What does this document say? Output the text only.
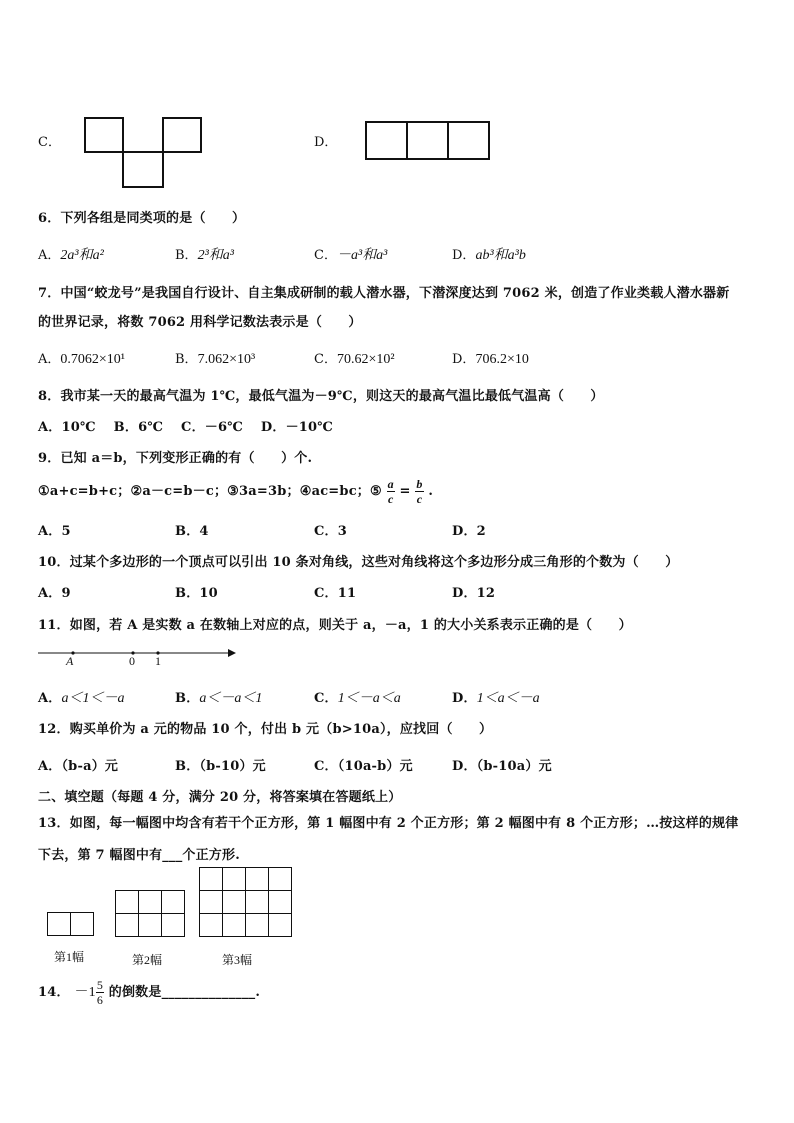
C．	D．
6．下列各组是同类项的是（　　）
A．2a³和a²	B．2³和a³	C．－a³和a³	D．ab³和a³b
7．中国“蛟龙号”是我国自行设计、自主集成研制的载人潜水器，下潜深度达到 7062 米，创造了作业类载人潜水器新
的世界记录，将数 7062 用科学记数法表示是（　　）
A．0.7062×10¹	B．7.062×10³	C．70.62×10²	D．706.2×10
8．我市某一天的最高气温为 1℃，最低气温为－9℃，则这天的最高气温比最低气温高（　　）
A．10℃　 B．6℃　 C．－6℃　 D．－10℃
9．已知 a＝b，下列变形正确的有（　　）个.
①a+c=b+c；②a－c=b－c；③3a=3b；④ac=bc；⑤ $\frac{a}{c} = \frac{b}{c}$ .
A．5	B．4	C．3	D．2
10．过某个多边形的一个顶点可以引出 10 条对角线，这些对角线将这个多边形分成三角形的个数为（　　）
A．9	B．10	C．11	D．12
11．如图，若 A 是实数 a 在数轴上对应的点，则关于 a，－a，1 的大小关系表示正确的是（　　）
A	0 1
A．a＜1＜－a	B．a＜－a＜1	C．1＜－a＜a	D．1＜a＜－a
12．购买单价为 a 元的物品 10 个，付出 b 元（b>10a），应找回（　　）
A．（b-a）元	B．（b-10）元	C．（10a-b）元	D．（b-10a）元
二、填空题（每题 4 分，满分 20 分，将答案填在答题纸上）
13．如图，每一幅图中均含有若干个正方形，第 1 幅图中有 2 个正方形；第 2 幅图中有 8 个正方形；…按这样的规律
下去，第 7 幅图中有___个正方形.
第1幅	第2幅	第3幅
14． $-1 \frac{5}{6}$ 的倒数是______________.
